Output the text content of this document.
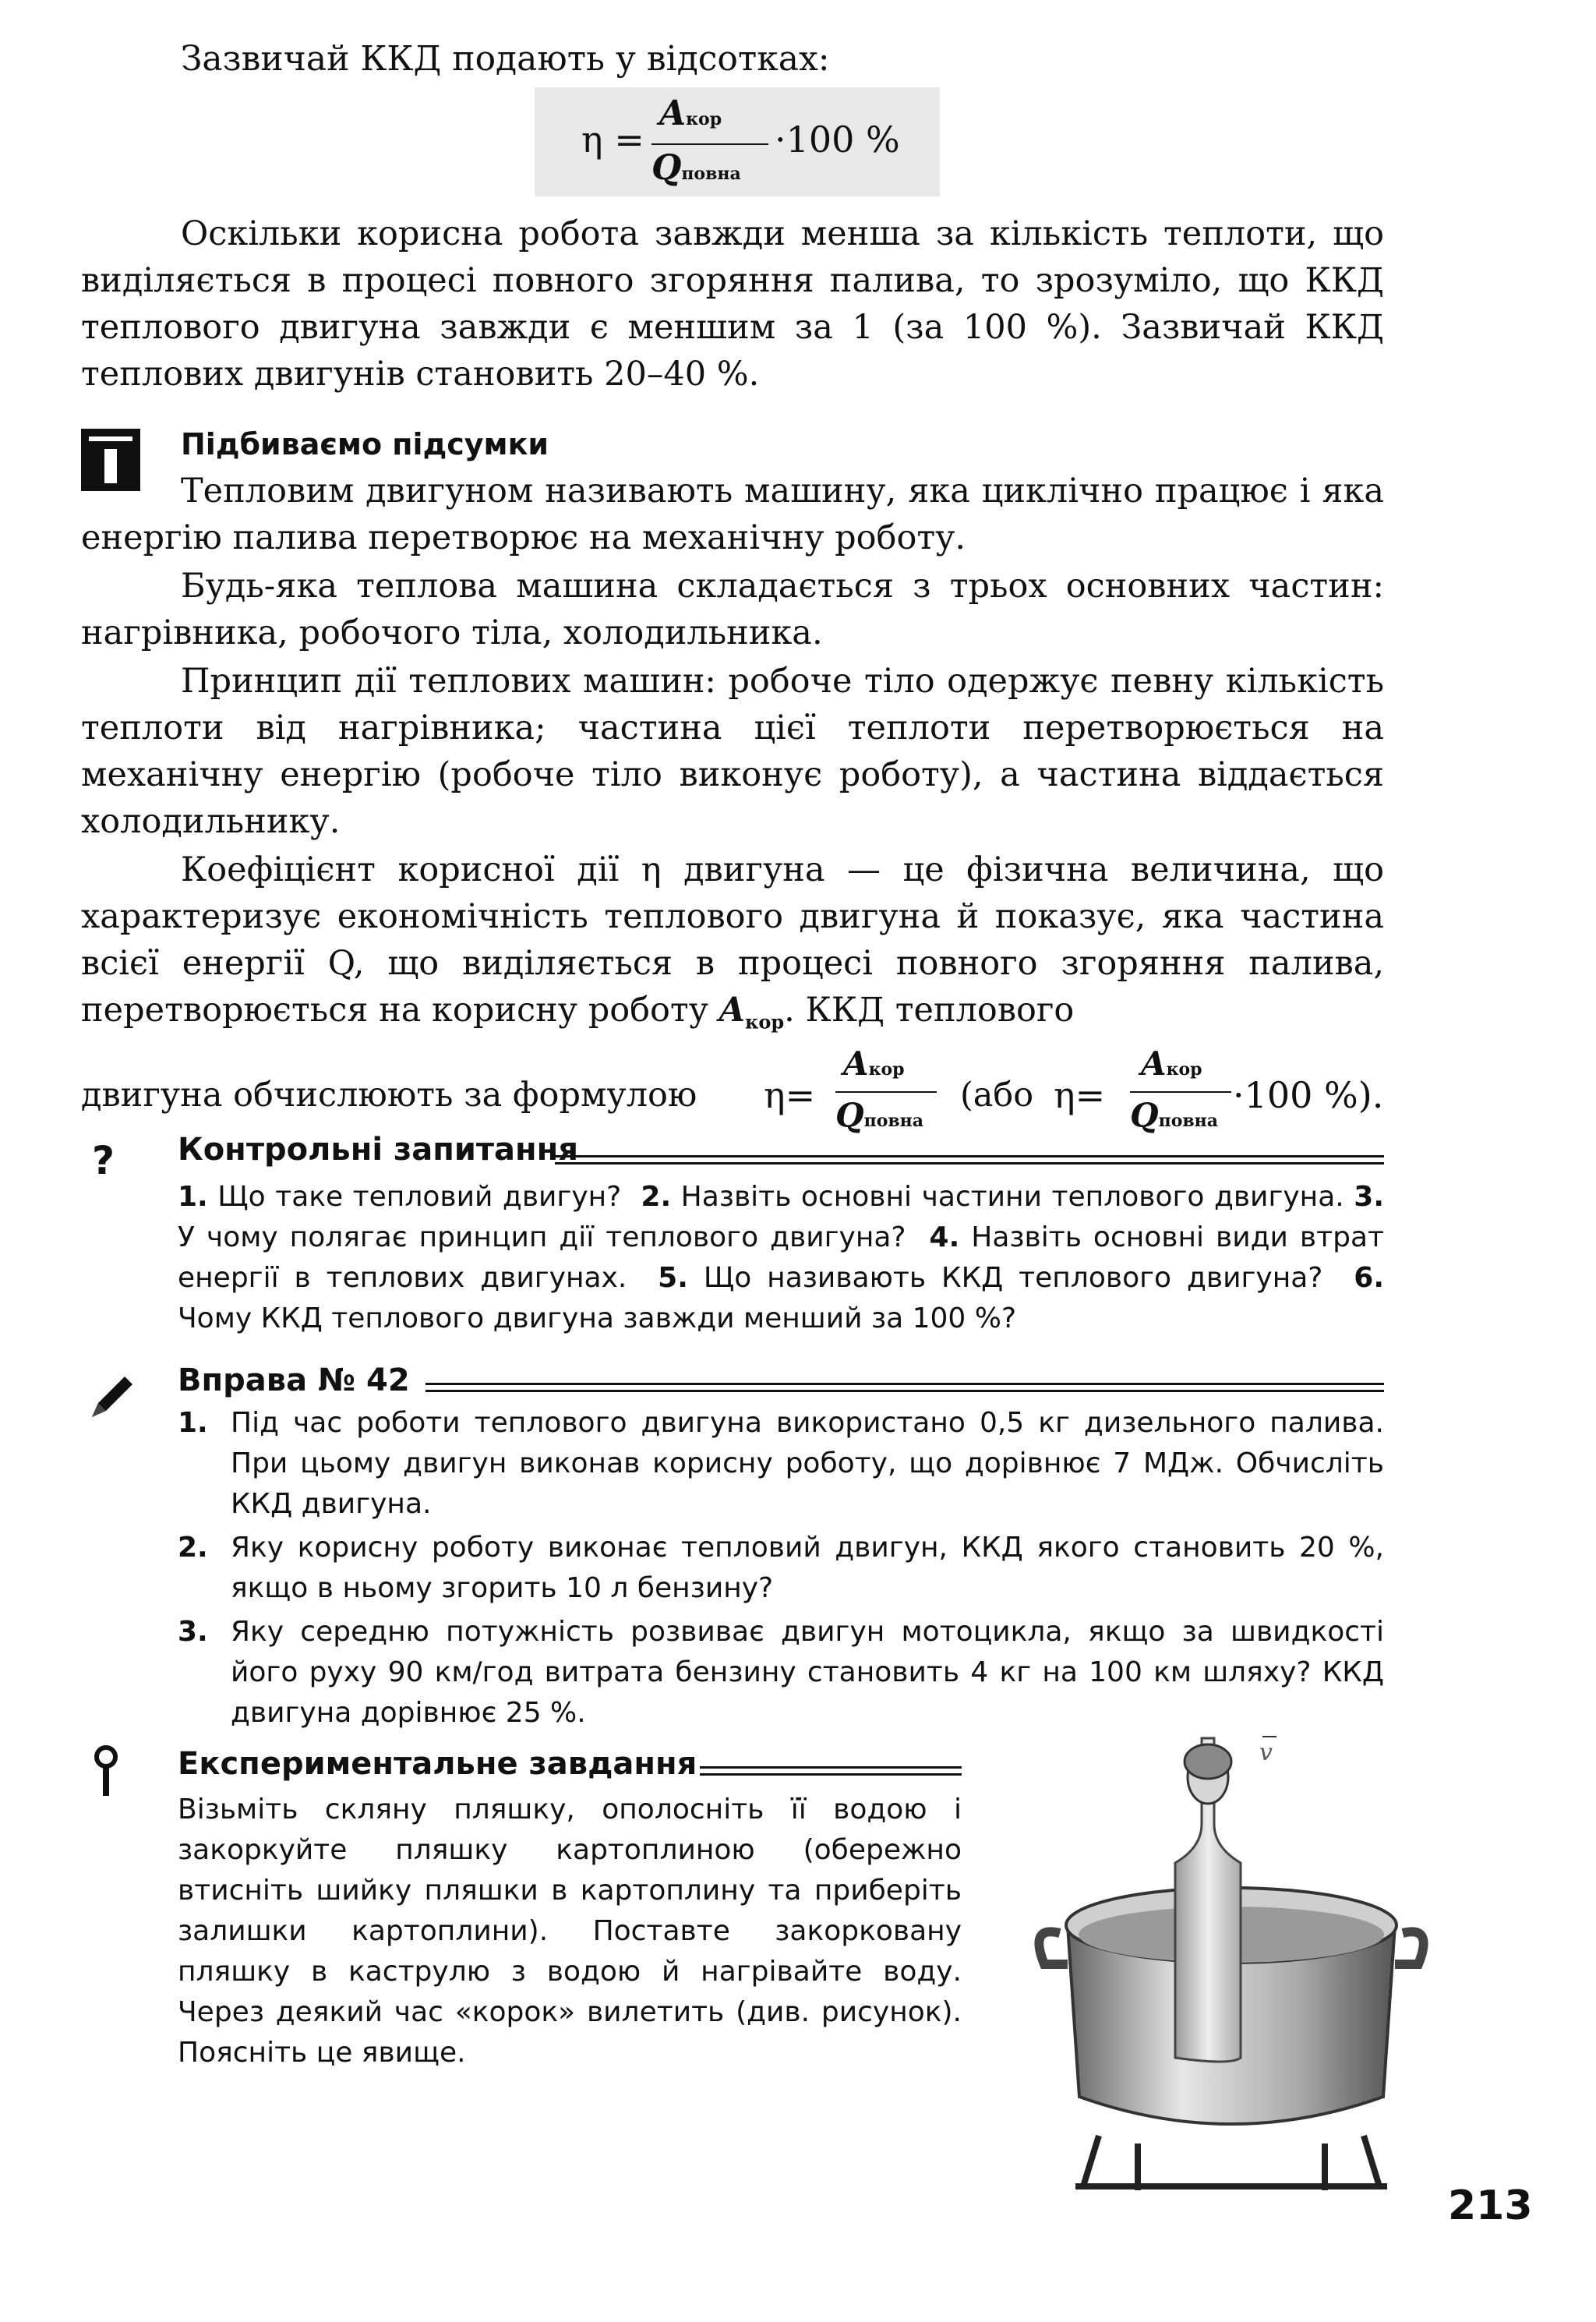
Зазвичай ККД подають у відсотках:
η =
Aкор
Qповна
·100 %

Оскільки корисна робота завжди менша за кількість теплоти, що виділяється в процесі повного згоряння палива, то зрозуміло, що ККД теплового двигуна завжди є меншим за 1 (за 100 %). Зазвичай ККД теплових двигунів становить 20–40 %.

Підбиваємо підсумки

Тепловим двигуном називають машину, яка циклічно працює і яка енергію палива перетворює на механічну роботу.

Будь-яка теплова машина складається з трьох основних частин: нагрівника, робочого тіла, холодильника.

Принцип дії теплових машин: робоче тіло одержує певну кількість теплоти від нагрівника; частина цієї теплоти перетворюється на механічну енергію (робоче тіло виконує роботу), а частина віддається холодильнику.

Коефіцієнт корисної дії η двигуна — це фізична величина, що характеризує економічність теплового двигуна й показує, яка частина всієї енергії Q, що виділяється в процесі повного згоряння палива, перетворюється на корисну роботу $A_{кор}$. ККД теплового

двигуна обчислюють за формулою η=
Aкор
Qповна
(або η=
Aкор
Qповна
·100 %).
? Контрольні запитання
1. Що таке тепловий двигун? 2. Назвіть основні частини теплового двигуна. 3. У чому полягає принцип дії теплового двигуна? 4. Назвіть основні види втрат енергії в теплових двигунах. 5. Що називають ККД теплового двигуна? 6. Чому ККД теплового двигуна завжди менший за 100 %?
Вправа № 42
1. Під час роботи теплового двигуна використано 0,5 кг дизельного палива. При цьому двигун виконав корисну роботу, що дорівнює 7 МДж. Обчисліть ККД двигуна.
2. Яку корисну роботу виконає тепловий двигун, ККД якого становить 20 %, якщо в ньому згорить 10 л бензину?
3. Яку середню потужність розвиває двигун мотоцикла, якщо за швидкості його руху 90 км/год витрата бензину становить 4 кг на 100 км шляху? ККД двигуна дорівнює 25 %.
Експериментальне завдання

Візьміть скляну пляшку, ополосніть її водою і закоркуйте пляшку картоплиною (обережно втисніть шийку пляшки в картоплину та приберіть залишки картоплини). Поставте закорковану пляшку в каструлю з водою й нагрівайте воду. Через деякий час «корок» вилетить (див. рисунок). Поясніть це явище.

v
213
